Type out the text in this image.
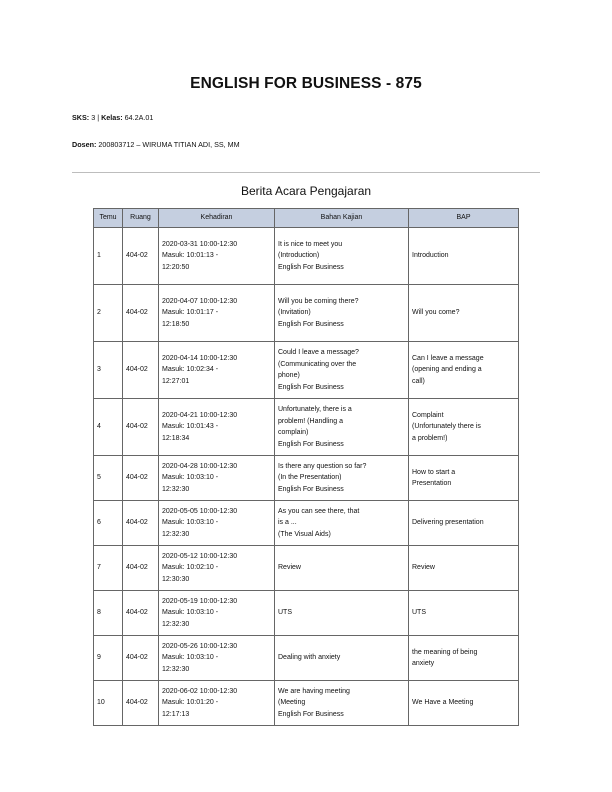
ENGLISH FOR BUSINESS - 875
SKS: 3 | Kelas: 64.2A.01
Dosen: 200803712 – WIRUMA TITIAN ADI, SS, MM
Berita Acara Pengajaran
Temu	Ruang	Kehadiran	Bahan Kajian	BAP
1	404-02	2020-03-31 10:00-12:30
Masuk: 10:01:13 -
12:20:50	It is nice to meet you
(Introduction)
English For Business	Introduction

2	404-02	2020-04-07 10:00-12:30
Masuk: 10:01:17 -
12:18:50	Will you be coming there?
(Invitation)
English For Business	Will you come?

3	404-02	2020-04-14 10:00-12:30
Masuk: 10:02:34 -
12:27:01	Could I leave a message?
(Communicating over the
phone)
English For Business	Can I leave a message
(opening and ending a
call)

4	404-02	2020-04-21 10:00-12:30
Masuk: 10:01:43 -
12:18:34	Unfortunately, there is a
problem! (Handling a
complain)
English For Business	Complaint
(Unfortunately there is
a problem!)

5	404-02	2020-04-28 10:00-12:30
Masuk: 10:03:10 -
12:32:30	Is there any question so far?
(In the Presentation)
English For Business	How to start a
Presentation

6	404-02	2020-05-05 10:00-12:30
Masuk: 10:03:10 -
12:32:30	As you can see there, that
is a ...
(The Visual Aids)	Delivering presentation

7	404-02	2020-05-12 10:00-12:30
Masuk: 10:02:10 -
12:30:30	Review	Review

8	404-02	2020-05-19 10:00-12:30
Masuk: 10:03:10 -
12:32:30	UTS	UTS

9	404-02	2020-05-26 10:00-12:30
Masuk: 10:03:10 -
12:32:30	Dealing with anxiety	the meaning of being
anxiety

10	404-02	2020-06-02 10:00-12:30
Masuk: 10:01:20 -
12:17:13	We are having meeting
(Meeting
English For Business	We Have a Meeting
